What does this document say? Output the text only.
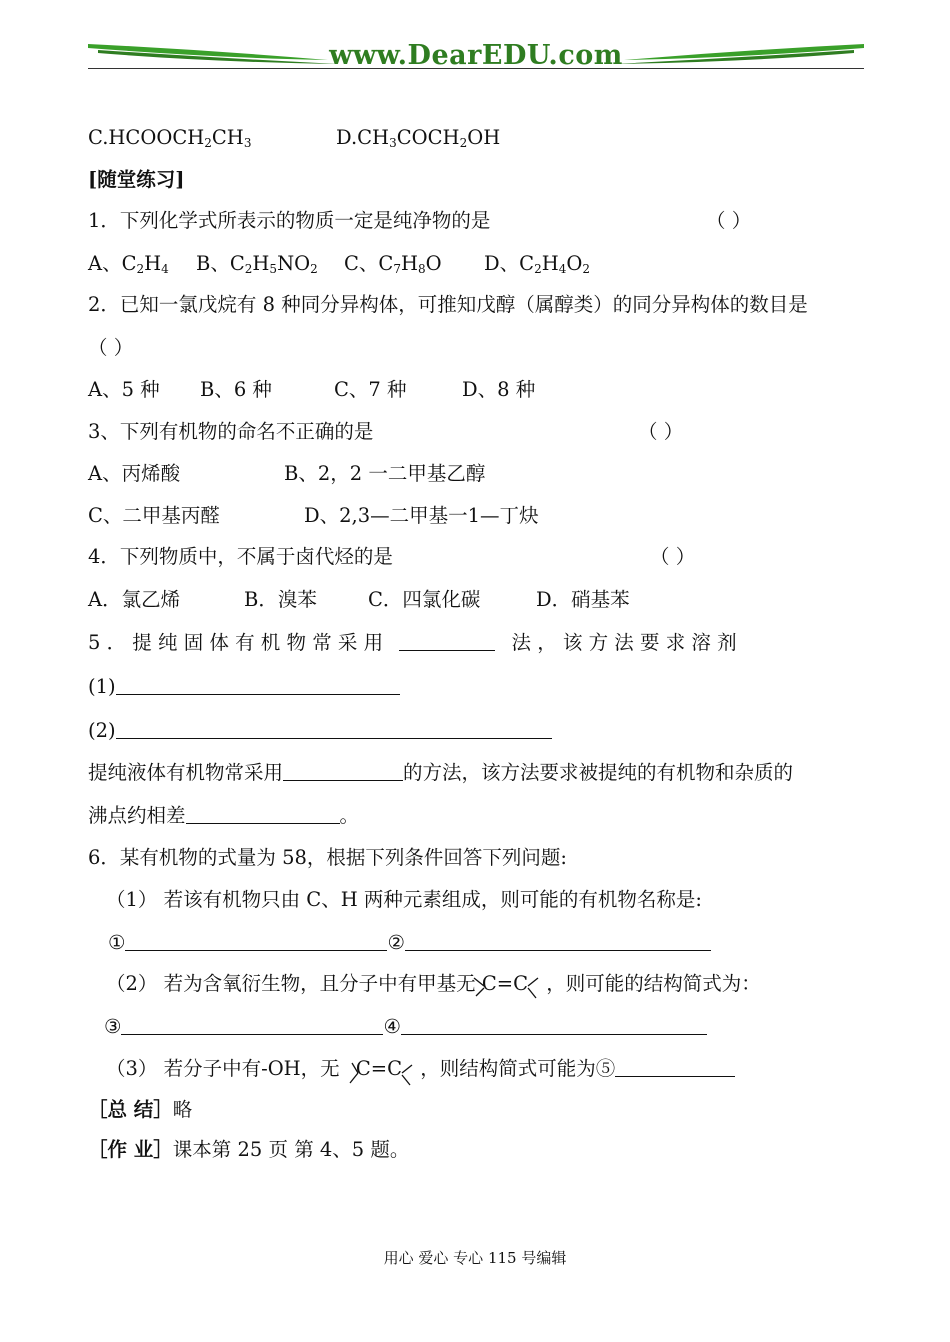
www.DearEDU.com
$C.HCOOCH_2CH_3$	$D.CH_3COCH_2OH$
[随堂练习]
1．下列化学式所表示的物质一定是纯净物的是	（ ）
A、$C_2H_4$ B、$C_2H_5NO_2$ C、$C_7H_8O$ D、$C_2H_4O_2$
2．已知一氯戊烷有 8 种同分异构体，可推知戊醇（属醇类）的同分异构体的数目是
（ ）
A、5 种 B、6 种	C、7 种	D、8 种
3、下列有机物的命名不正确的是	（ ）
A、丙烯酸	B、2，2 一二甲基乙醇
C、二甲基丙醛	D、2,3—二甲基一1—丁炔
4．下列物质中，不属于卤代烃的是	（ ）
A．氯乙烯	B．溴苯	C．四氯化碳	D．硝基苯
5 ． 提 纯 固 体 有 机 物 常 采 用	法 ， 该 方 法 要 求 溶 剂
(1)
(2)
提纯液体有机物常采用	的方法，该方法要求被提纯的有机物和杂质的
沸点约相差	。
6．某有机物的式量为 58，根据下列条件回答下列问题:
（1） 若该有机物只由 C、H 两种元素组成，则可能的有机物名称是:
①	②
（2） 若为含氧衍生物，且分子中有甲基无 C=C ，则可能的结构简式为：
③	④
（3） 若分子中有-OH，无 C=C ，则结构简式可能为⑤
［总 结］略
［作 业］课本第 25 页 第 4、5 题。
用心 爱心 专心 115 号编辑
